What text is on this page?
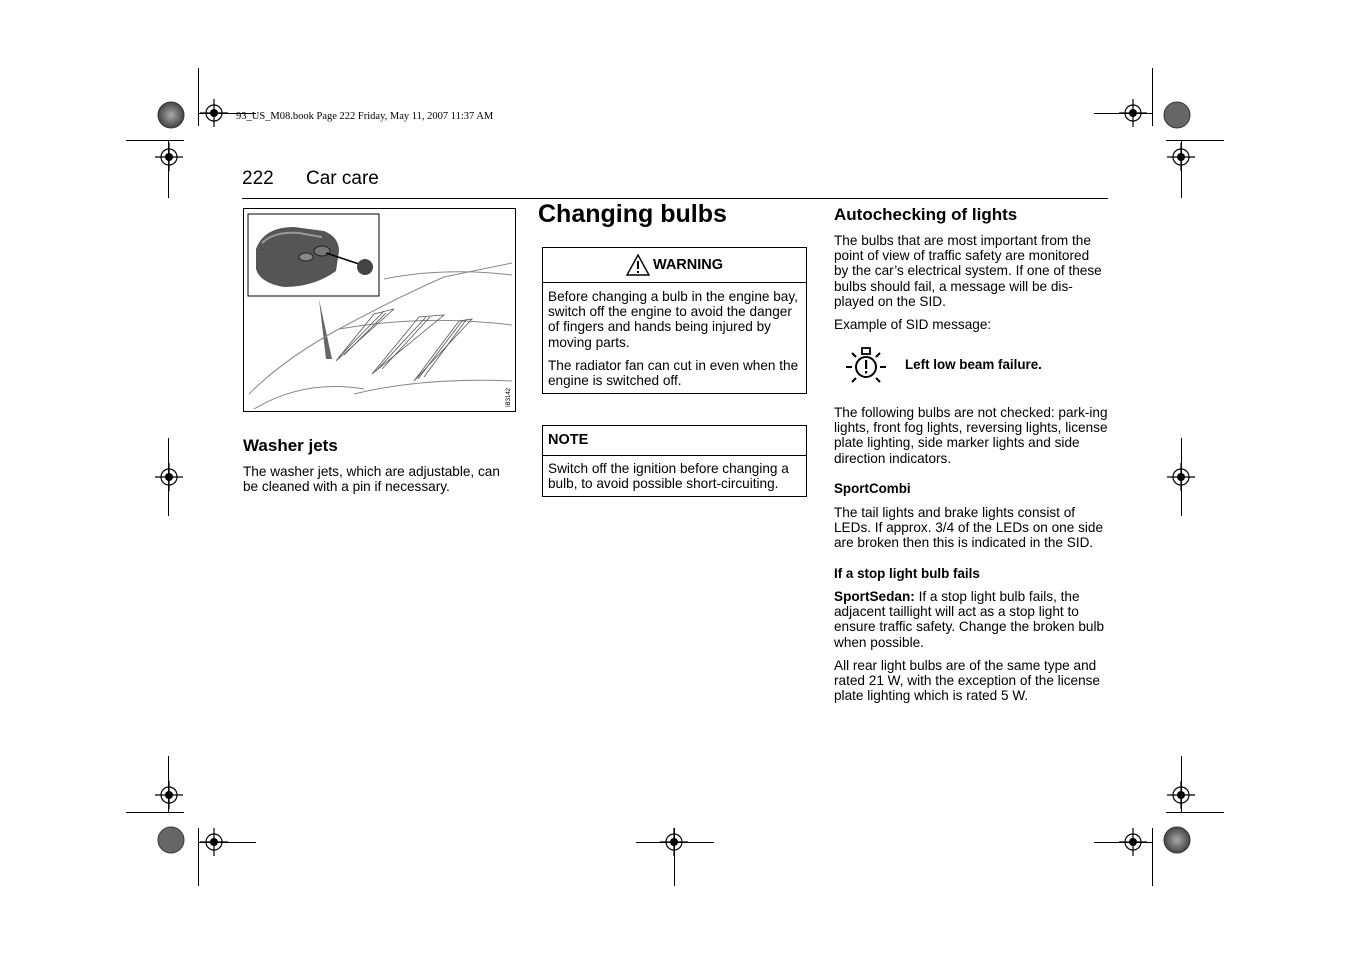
93_US_M08.book Page 222 Friday, May 11, 2007 11:37 AM
222 Car care
IB3142
Washer jets

The washer jets, which are adjustable, can be cleaned with a pin if necessary.

Changing bulbs
WARNING

Before changing a bulb in the engine bay, switch off the engine to avoid the danger of fingers and hands being injured by moving parts.

The radiator fan can cut in even when the engine is switched off.

NOTE

Switch off the ignition before changing a bulb, to avoid possible short-circuiting.

Autochecking of lights

The bulbs that are most important from the point of view of traffic safety are monitored by the car’s electrical system. If one of these bulbs should fail, a message will be dis-played on the SID.

Example of SID message:

Left low beam failure.

The following bulbs are not checked: park-ing lights, front fog lights, reversing lights, license plate lighting, side marker lights and side direction indicators.

SportCombi

The tail lights and brake lights consist of LEDs. If approx. 3/4 of the LEDs on one side are broken then this is indicated in the SID.

If a stop light bulb fails

SportSedan: If a stop light bulb fails, the adjacent taillight will act as a stop light to ensure traffic safety. Change the broken bulb when possible.

All rear light bulbs are of the same type and rated 21 W, with the exception of the license plate lighting which is rated 5 W.
